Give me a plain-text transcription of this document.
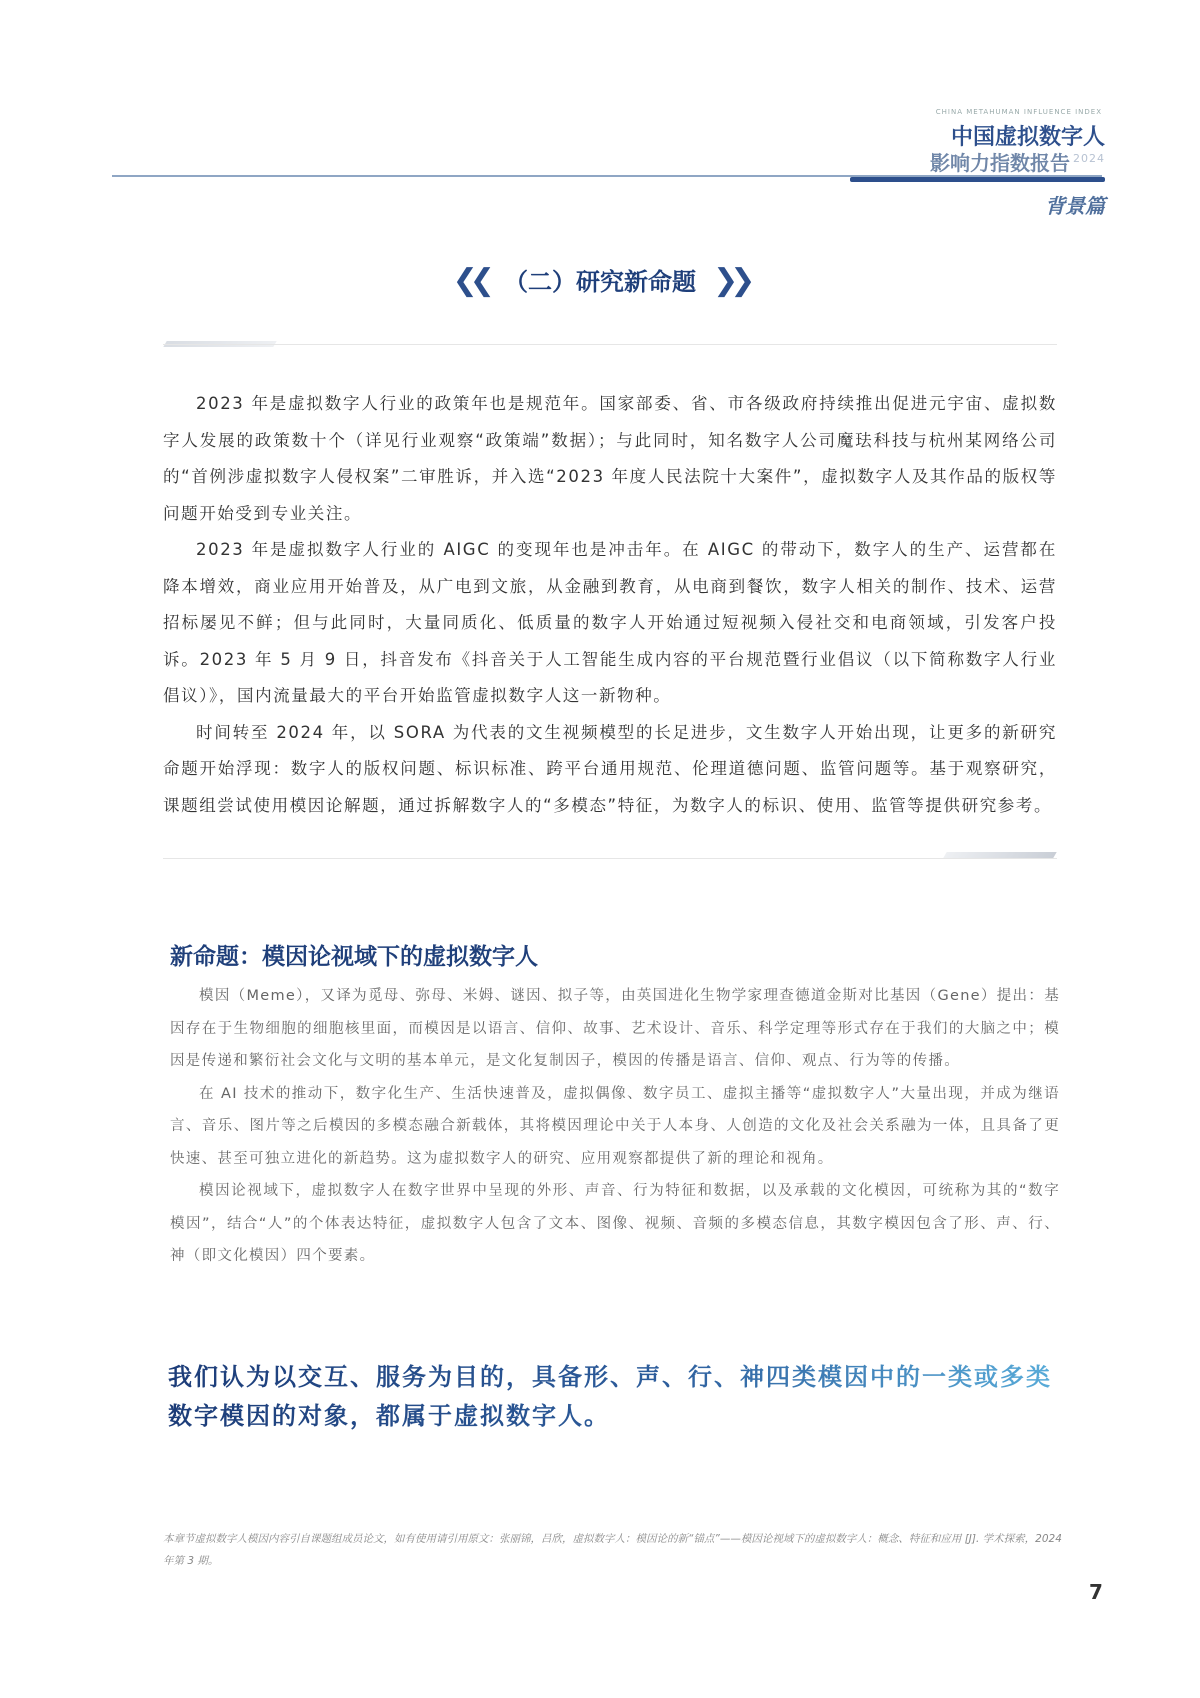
CHINA METAHUMAN INFLUENCE INDEX
中国虚拟数字人
影响力指数报告 2024
背景篇
❮❮ （二）研究新命题 ❯❯

2023 年是虚拟数字人行业的政策年也是规范年。国家部委、省、市各级政府持续推出促进元宇宙、虚拟数字人发展的政策数十个（详见行业观察“政策端”数据）；与此同时，知名数字人公司魔珐科技与杭州某网络公司的“首例涉虚拟数字人侵权案”二审胜诉，并入选“2023 年度人民法院十大案件”，虚拟数字人及其作品的版权等问题开始受到专业关注。

2023 年是虚拟数字人行业的 AIGC 的变现年也是冲击年。在 AIGC 的带动下，数字人的生产、运营都在降本增效，商业应用开始普及，从广电到文旅，从金融到教育，从电商到餐饮，数字人相关的制作、技术、运营招标屡见不鲜；但与此同时，大量同质化、低质量的数字人开始通过短视频入侵社交和电商领域，引发客户投诉。2023 年 5 月 9 日，抖音发布《抖音关于人工智能生成内容的平台规范暨行业倡议（以下简称数字人行业倡议）》，国内流量最大的平台开始监管虚拟数字人这一新物种。

时间转至 2024 年，以 SORA 为代表的文生视频模型的长足进步，文生数字人开始出现，让更多的新研究命题开始浮现：数字人的版权问题、标识标准、跨平台通用规范、伦理道德问题、监管问题等。基于观察研究，课题组尝试使用模因论解题，通过拆解数字人的“多模态”特征，为数字人的标识、使用、监管等提供研究参考。

新命题：模因论视域下的虚拟数字人

模因（Meme），又译为觅母、弥母、米姆、谜因、拟子等，由英国进化生物学家理查德道金斯对比基因（Gene）提出：基因存在于生物细胞的细胞核里面，而模因是以语言、信仰、故事、艺术设计、音乐、科学定理等形式存在于我们的大脑之中；模因是传递和繁衍社会文化与文明的基本单元，是文化复制因子，模因的传播是语言、信仰、观点、行为等的传播。

在 AI 技术的推动下，数字化生产、生活快速普及，虚拟偶像、数字员工、虚拟主播等“虚拟数字人”大量出现，并成为继语言、音乐、图片等之后模因的多模态融合新载体，其将模因理论中关于人本身、人创造的文化及社会关系融为一体，且具备了更快速、甚至可独立进化的新趋势。这为虚拟数字人的研究、应用观察都提供了新的理论和视角。

模因论视域下，虚拟数字人在数字世界中呈现的外形、声音、行为特征和数据，以及承载的文化模因，可统称为其的“数字模因”，结合“人”的个体表达特征，虚拟数字人包含了文本、图像、视频、音频的多模态信息，其数字模因包含了形、声、行、神（即文化模因）四个要素。

我们认为以交互、服务为目的，具备形、声、行、神四类模因中的一类或多类数字模因的对象，都属于虚拟数字人。
本章节虚拟数字人模因内容引自课题组成员论文，如有使用请引用原文：张丽锦，吕欣，虚拟数字人：模因论的新“锚点”——模因论视域下的虚拟数字人：概念、特征和应用 [J]. 学术探索，2024 年第 3 期。
7
